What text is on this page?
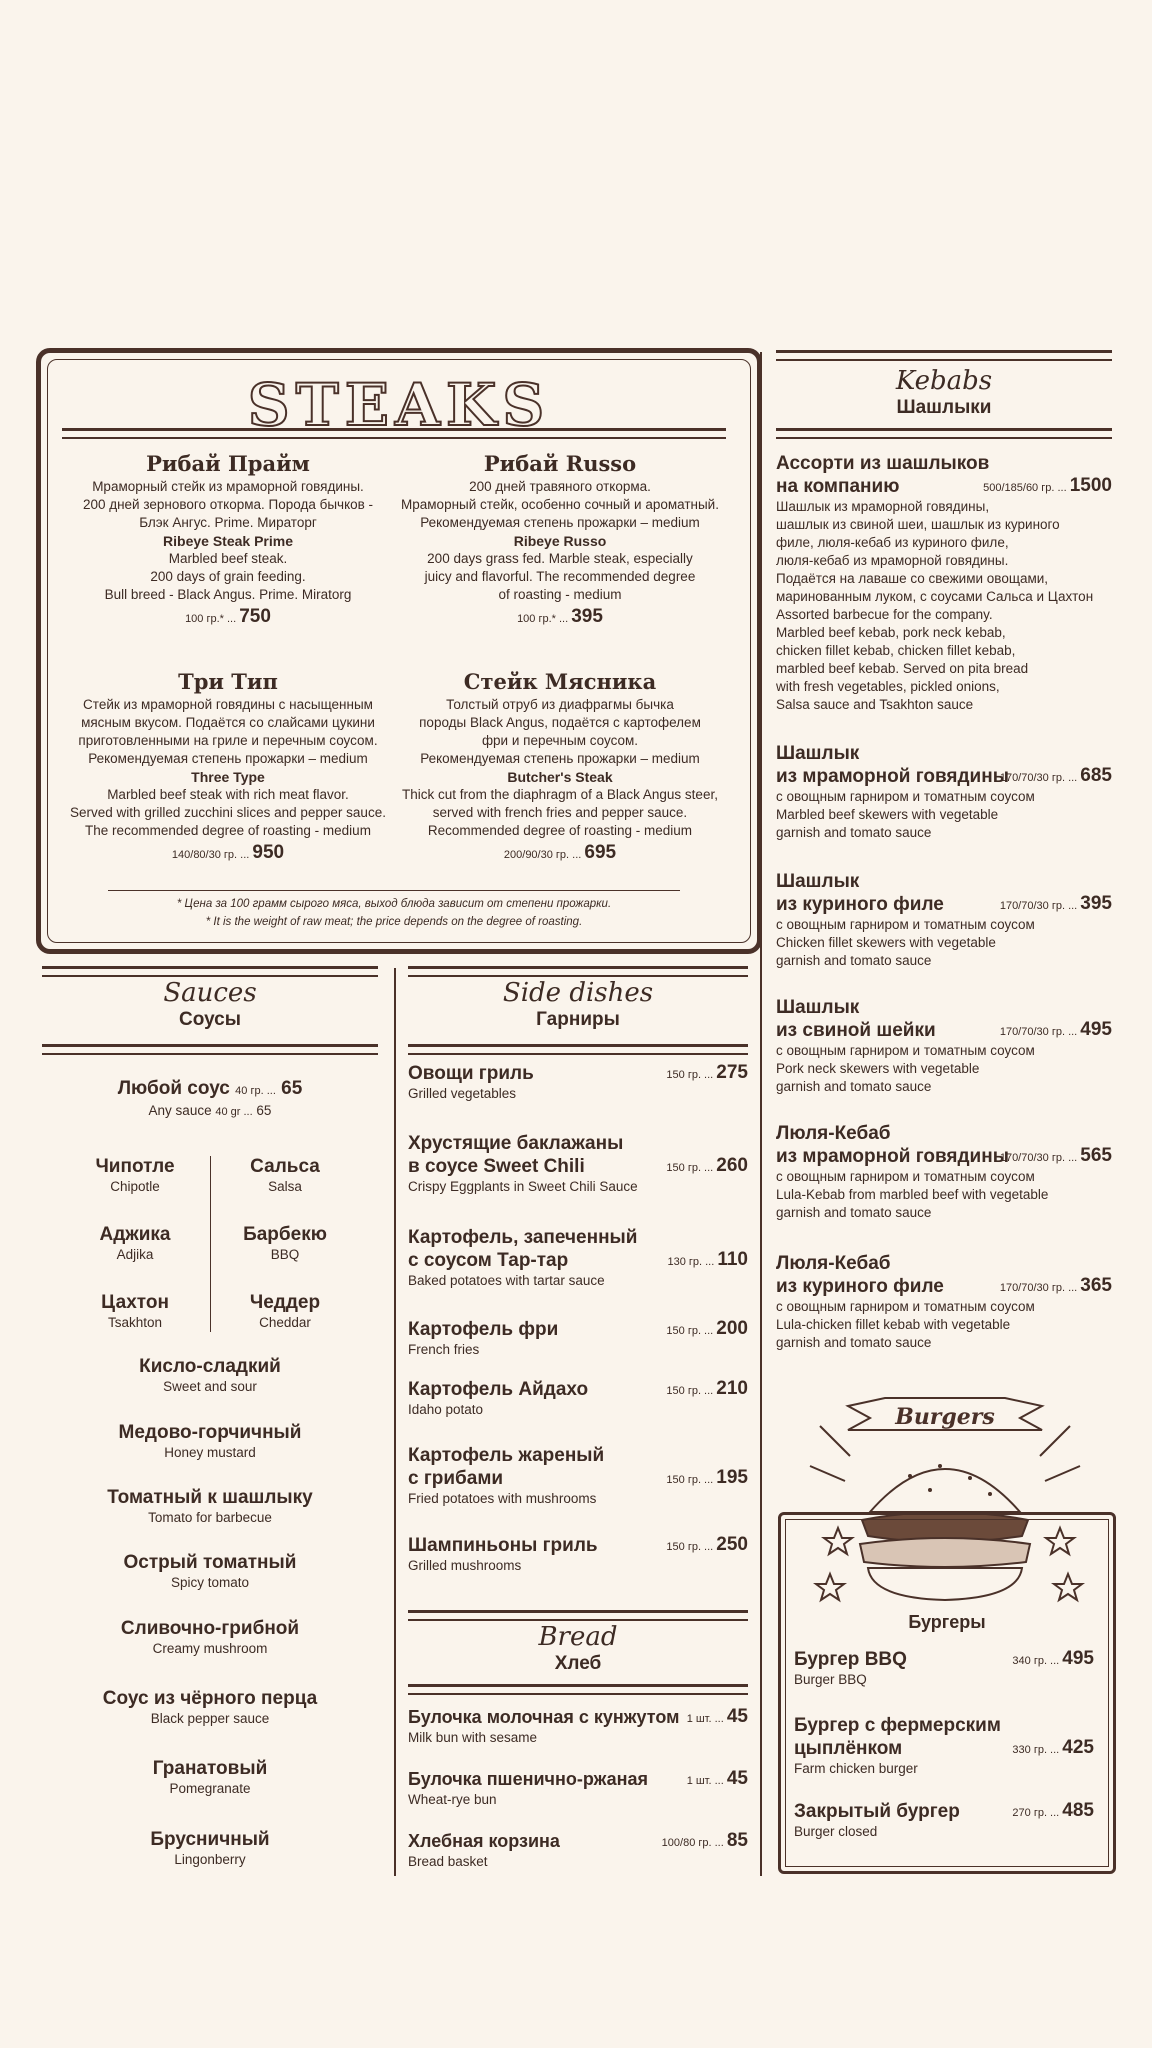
STEAKS
Рибай Прайм
Мраморный стейк из мраморной говядины.
200 дней зернового откорма. Порода бычков -
Блэк Ангус. Prime. Мираторг
Ribeye Steak Prime
Marbled beef steak.
200 days of grain feeding.
Bull breed - Black Angus. Prime. Miratorg
100 гр.* ... 750
Рибай Russo
200 дней травяного откорма.
Мраморный стейк, особенно сочный и ароматный.
Рекомендуемая степень прожарки – medium
Ribeye Russo
200 days grass fed. Marble steak, especially
juicy and flavorful. The recommended degree
of roasting - medium
100 гр.* ... 395
Три Тип
Стейк из мраморной говядины с насыщенным
мясным вкусом. Подаётся со слайсами цукини
приготовленными на гриле и перечным соусом.
Рекомендуемая степень прожарки – medium
Three Type
Marbled beef steak with rich meat flavor.
Served with grilled zucchini slices and pepper sauce.
The recommended degree of roasting - medium
140/80/30 гр. ... 950
Стейк Мясника
Толстый отруб из диафрагмы бычка
породы Black Angus, подаётся с картофелем
фри и перечным соусом.
Рекомендуемая степень прожарки – medium
Butcher's Steak
Thick cut from the diaphragm of a Black Angus steer,
served with french fries and pepper sauce.
Recommended degree of roasting - medium
200/90/30 гр. ... 695
* Цена за 100 грамм сырого мяса, выход блюда зависит от степени прожарки.
* It is the weight of raw meat; the price depends on the degree of roasting.
Sauces
Соусы
Любой соус 40 гр. ... 65
Any sauce 40 gr ... 65
Чипотле
Chipotle
Сальса
Salsa
Аджика
Adjika
Барбекю
BBQ
Цахтон
Tsakhton
Чеддер
Cheddar
Кисло-сладкий
Sweet and sour
Медово-горчичный
Honey mustard
Томатный к шашлыку
Tomato for barbecue
Острый томатный
Spicy tomato
Сливочно-грибной
Creamy mushroom
Соус из чёрного перца
Black pepper sauce
Гранатовый
Pomegranate
Брусничный
Lingonberry
Side dishes
Гарниры
Овощи гриль	150 гр. ... 275
Grilled vegetables
Хрустящие баклажаны
в соусе Sweet Chili	150 гр. ... 260
Crispy Eggplants in Sweet Chili Sauce
Картофель, запеченный
с соусом Тар-тар	130 гр. ... 110
Baked potatoes with tartar sauce
Картофель фри	150 гр. ... 200
French fries
Картофель Айдахо	150 гр. ... 210
Idaho potato
Картофель жареный
с грибами	150 гр. ... 195
Fried potatoes with mushrooms
Шампиньоны гриль	150 гр. ... 250
Grilled mushrooms
Bread
Хлеб
Булочка молочная с кунжутом 1 шт. ... 45
Milk bun with sesame
Булочка пшенично-ржаная	1 шт. ... 45
Wheat-rye bun
Хлебная корзина	100/80 гр. ... 85
Bread basket
Kebabs
Шашлыки
Ассорти из шашлыков
на компанию	500/185/60 гр. ... 1500
Шашлык из мраморной говядины,
шашлык из свиной шеи, шашлык из куриного
филе, люля-кебаб из куриного филе,
люля-кебаб из мраморной говядины.
Подаётся на лаваше со свежими овощами,
маринованным луком, с соусами Сальса и Цахтон
Assorted barbecue for the company.
Marbled beef kebab, pork neck kebab,
chicken fillet kebab, chicken fillet kebab,
marbled beef kebab. Served on pita bread
with fresh vegetables, pickled onions,
Salsa sauce and Tsakhton sauce
Шашлык
из мраморной говядины
170/70/30 гр. ... 685
с овощным гарниром и томатным соусом
Marbled beef skewers with vegetable
garnish and tomato sauce
Шашлык
из куриного филе	170/70/30 гр. ... 395
с овощным гарниром и томатным соусом
Chicken fillet skewers with vegetable
garnish and tomato sauce
Шашлык
из свиной шейки	170/70/30 гр. ... 495
с овощным гарниром и томатным соусом
Pork neck skewers with vegetable
garnish and tomato sauce
Люля-Кебаб
из мраморной говядины
170/70/30 гр. ... 565
с овощным гарниром и томатным соусом
Lula-Kebab from marbled beef with vegetable
garnish and tomato sauce
Люля-Кебаб
из куриного филе	170/70/30 гр. ... 365
с овощным гарниром и томатным соусом
Lula-chicken fillet kebab with vegetable
garnish and tomato sauce
Burgers
Бургеры
Бургер BBQ	340 гр. ... 495
Burger BBQ
Бургер с фермерским
цыплёнком	330 гр. ... 425
Farm chicken burger
Закрытый бургер	270 гр. ... 485
Burger closed
